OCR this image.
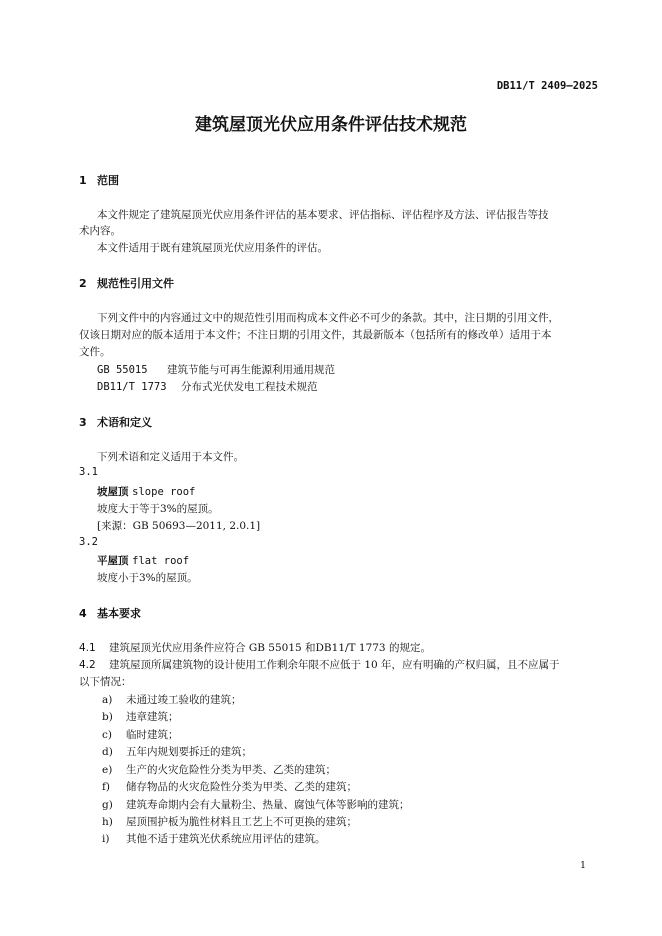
DB11/T 2409—2025
建筑屋顶光伏应用条件评估技术规范
1 范围
本文件规定了建筑屋顶光伏应用条件评估的基本要求、评估指标、评估程序及方法、评估报告等技
术内容。
本文件适用于既有建筑屋顶光伏应用条件的评估。
2 规范性引用文件
下列文件中的内容通过文中的规范性引用而构成本文件必不可少的条款。其中，注日期的引用文件，
仅该日期对应的版本适用于本文件；不注日期的引用文件，其最新版本（包括所有的修改单）适用于本
文件。
GB 55015 建筑节能与可再生能源利用通用规范
DB11/T 1773 分布式光伏发电工程技术规范
3 术语和定义
下列术语和定义适用于本文件。
3.1
坡屋顶 slope roof
坡度大于等于3%的屋顶。
[来源：GB 50693—2011, 2.0.1]
3.2
平屋顶 flat roof
坡度小于3%的屋顶。
4 基本要求
4.1 建筑屋顶光伏应用条件应符合 GB 55015 和DB11/T 1773 的规定。
4.2 建筑屋顶所属建筑物的设计使用工作剩余年限不应低于 10 年，应有明确的产权归属，且不应属于
以下情况：
a) 未通过竣工验收的建筑；
b) 违章建筑；
c) 临时建筑；
d) 五年内规划要拆迁的建筑；
e) 生产的火灾危险性分类为甲类、乙类的建筑；
f) 储存物品的火灾危险性分类为甲类、乙类的建筑；
g) 建筑寿命期内会有大量粉尘、热量、腐蚀气体等影响的建筑；
h) 屋顶围护板为脆性材料且工艺上不可更换的建筑；
i) 其他不适于建筑光伏系统应用评估的建筑。
1
